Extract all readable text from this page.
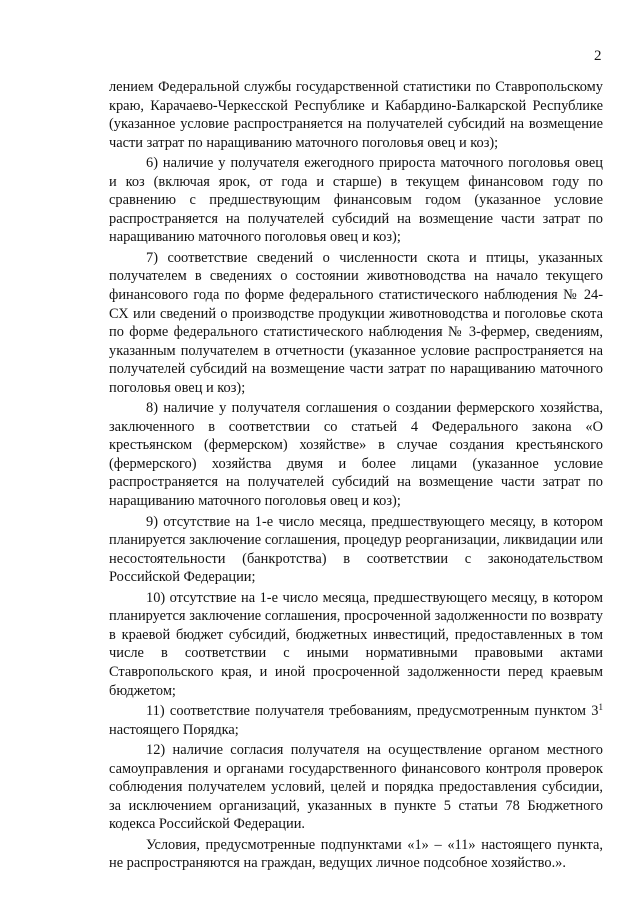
2

лением Федеральной службы государственной статистики по Ставропольскому краю, Карачаево-Черкесской Республике и Кабардино-Балкарской Республике (указанное условие распространяется на получателей субсидий на возмещение части затрат по наращиванию маточного поголовья овец и коз);

6) наличие у получателя ежегодного прироста маточного поголовья овец и коз (включая ярок, от года и старше) в текущем финансовом году по сравнению с предшествующим финансовым годом (указанное условие распространяется на получателей субсидий на возмещение части затрат по наращиванию маточного поголовья овец и коз);

7) соответствие сведений о численности скота и птицы, указанных получателем в сведениях о состоянии животноводства на начало текущего финансового года по форме федерального статистического наблюдения № 24-СХ или сведений о производстве продукции животноводства и поголовье скота по форме федерального статистического наблюдения № 3-фермер, сведениям, указанным получателем в отчетности (указанное условие распространяется на получателей субсидий на возмещение части затрат по наращиванию маточного поголовья овец и коз);

8) наличие у получателя соглашения о создании фермерского хозяйства, заключенного в соответствии со статьей 4 Федерального закона «О крестьянском (фермерском) хозяйстве» в случае создания крестьянского (фермерского) хозяйства двумя и более лицами (указанное условие распространяется на получателей субсидий на возмещение части затрат по наращиванию маточного поголовья овец и коз);

9) отсутствие на 1-е число месяца, предшествующего месяцу, в котором планируется заключение соглашения, процедур реорганизации, ликвидации или несостоятельности (банкротства) в соответствии с законодательством Российской Федерации;

10) отсутствие на 1-е число месяца, предшествующего месяцу, в котором планируется заключение соглашения, просроченной задолженности по возврату в краевой бюджет субсидий, бюджетных инвестиций, предоставленных в том числе в соответствии с иными нормативными правовыми актами Ставропольского края, и иной просроченной задолженности перед краевым бюджетом;

11) соответствие получателя требованиям, предусмотренным пунктом $3^1$ настоящего Порядка;

12) наличие согласия получателя на осуществление органом местного самоуправления и органами государственного финансового контроля проверок соблюдения получателем условий, целей и порядка предоставления субсидии, за исключением организаций, указанных в пункте 5 статьи 78 Бюджетного кодекса Российской Федерации.

Условия, предусмотренные подпунктами «1» – «11» настоящего пункта, не распространяются на граждан, ведущих личное подсобное хозяйство.».
